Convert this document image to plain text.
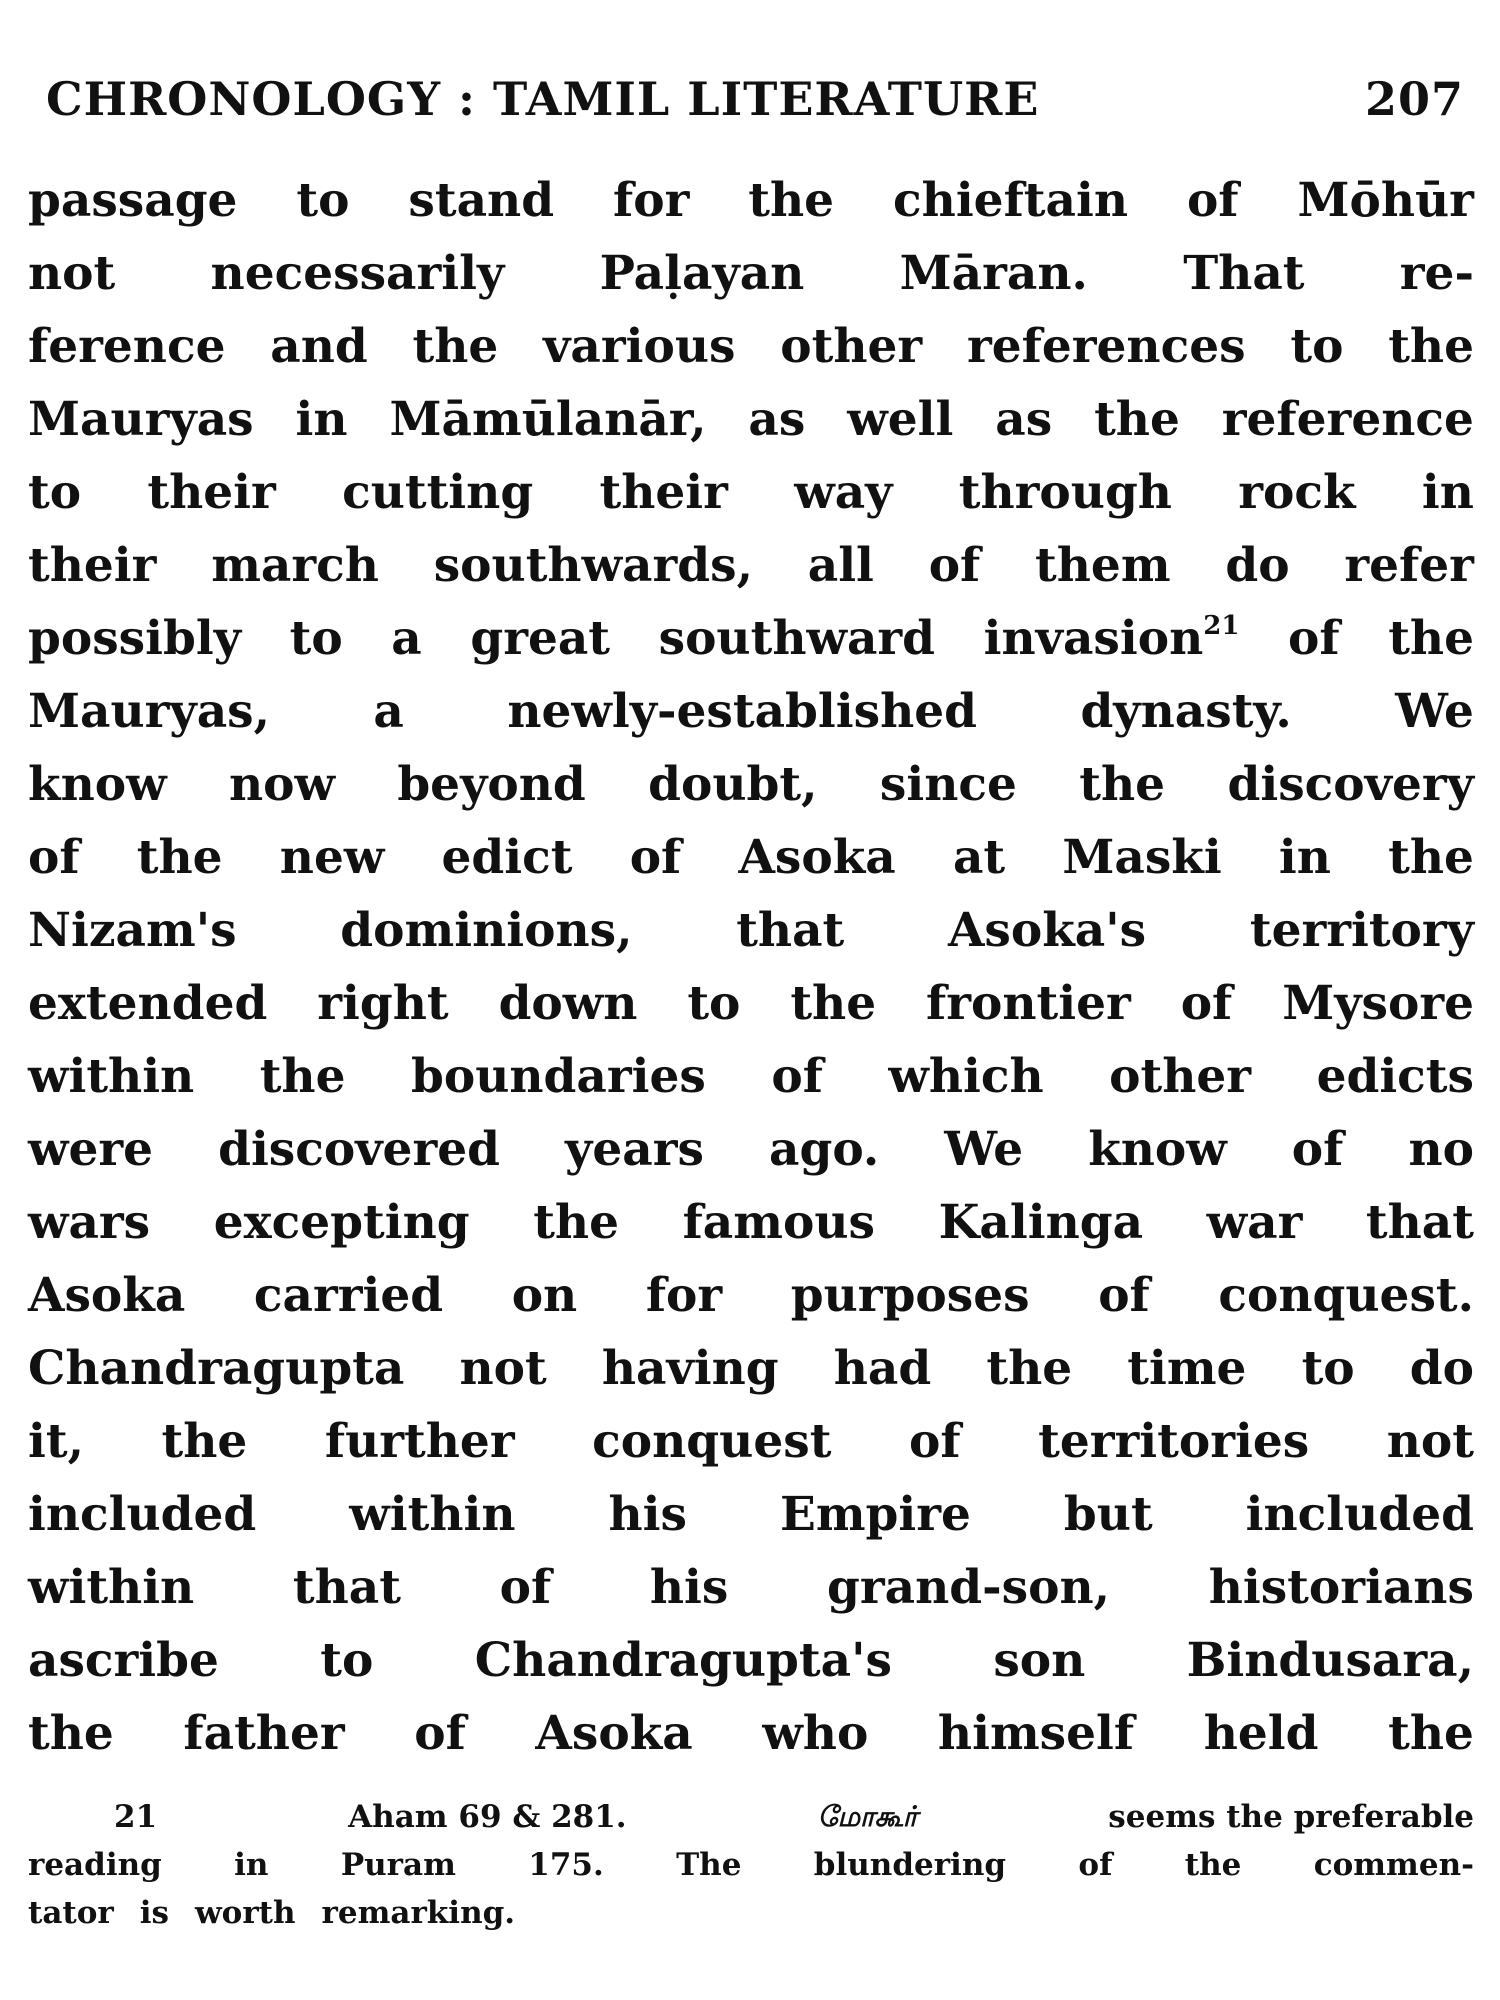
CHRONOLOGY : TAMIL LITERATURE	207
passage to stand for the chieftain of Mōhūr
not necessarily Paḷayan Māran. That re-
ference and the various other references to the
Mauryas in Māmūlanār, as well as the reference
to their cutting their way through rock in
their march southwards, all of them do refer
possibly to a great southward invasion$^{21}$ of the
Mauryas, a newly-established dynasty. We
know now beyond doubt, since the discovery
of the new edict of Asoka at Maski in the
Nizam's dominions, that Asoka's territory
extended right down to the frontier of Mysore
within the boundaries of which other edicts
were discovered years ago. We know of no
wars excepting the famous Kalinga war that
Asoka carried on for purposes of conquest.
Chandragupta not having had the time to do
it, the further conquest of territories not
included within his Empire but included
within that of his grand-son, historians
ascribe to Chandragupta's son Bindusara,
the father of Asoka who himself held the
21	Aham 69 & 281.	மோகூர்	seems the preferable
reading in Puram 175. The blundering of the commen-
tator is worth remarking.
